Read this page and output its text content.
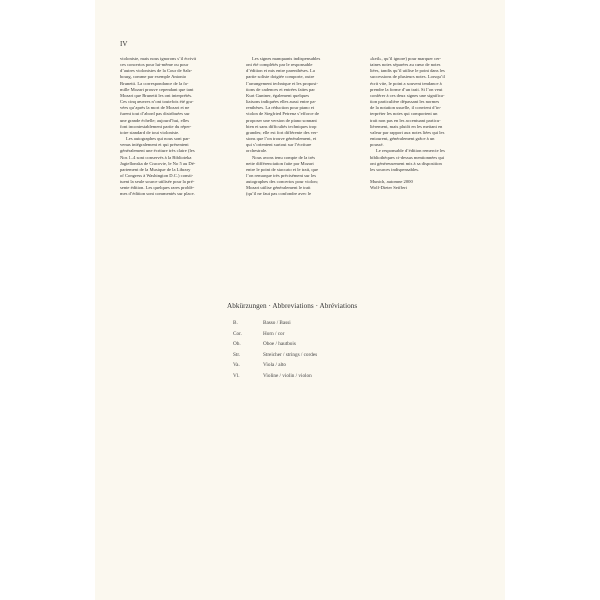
IV
violoniste, mais nous ignorons s’il écrivit
ces concertos pour lui-même ou pour
d’autres violonistes de la Cour de Salz-
bourg, comme par exemple Antonio
Brunetti. La correspondance de la fa-
mille Mozart prouve cependant que tant
Mozart que Brunetti les ont interprétés.
Ces cinq œuvres n’ont toutefois été gra-
vées qu’après la mort de Mozart et ne
furent tout d’abord pas distribuées sur
une grande échelle; aujourd’hui, elles
font incontestablement partie du réper-
toire standard de tout violoniste.
Les autographes qui nous sont par-
venus intégralement et qui présentent
généralement une écriture très claire (les
Nos 1–4 sont conservés à la Biblioteka
Jagiellonska de Cracovie, le No 5 au Dé-
partement de la Musique de la Library
of Congress à Washington D.C.) consti-
tuent la seule source utilisée pour la pré-
sente édition. Les quelques rares problè-
mes d’édition sont commentés sur place.
Les signes manquants indispensables
ont été complétés par le responsable
d’édition et mis entre parenthèses. La
partie soliste doigtée comporte, outre
l’arrangement technique et les proposi-
tions de cadences et entrées faites par
Kurt Guntner, également quelques
liaisons indiquées elles aussi entre pa-
renthèses. La réduction pour piano et
violon de Siegfried Petrenz s’efforce de
proposer une version de piano sonnant
bien et sans difficultés techniques trop
grandes; elle est fort différente des ver-
sions que l’on trouve généralement, et
qui s’orientent surtout sur l’écriture
orchestrale.
Nous avons tenu compte de la très
nette différenciation faite par Mozart
entre le point de staccato et le trait, que
l’on remarque très précisément sur les
autographes des concertos pour violon;
Mozart utilise généralement le trait
(qu’il ne faut pas confondre avec le
«keil», qu’il ignore) pour marquer cer-
taines notes séparées au cœur de notes
liées, tandis qu’il utilise le point dans les
successions de plusieurs notes. Lorsqu’il
écrit vite, le point a souvent tendance à
prendre la forme d’un trait. Si l’on veut
conférer à ces deux signes une significa-
tion particulière dépassant les normes
de la notation usuelle, il convient d’in-
terpréter les notes qui comportent un
trait non pas en les accentuant particu-
lièrement, mais plutôt en les mettant en
valeur par rapport aux notes liées qui les
entourent, généralement grâce à un
poussé.
Le responsable d’édition remercie les
bibliothèques ci-dessus mentionnées qui
ont généreusement mis à sa disposition
les sources indispensables.
Munich, automne 2000
Wolf-Dieter Seiffert
Abkürzungen · Abbreviations · Abréviations
B.	Basso / Bassi
Cor.	Horn / cor
Ob.	Oboe / hautbois
Str.	Streicher / strings / cordes
Va.	Viola / alto
Vl.	Violine / violin / violon
